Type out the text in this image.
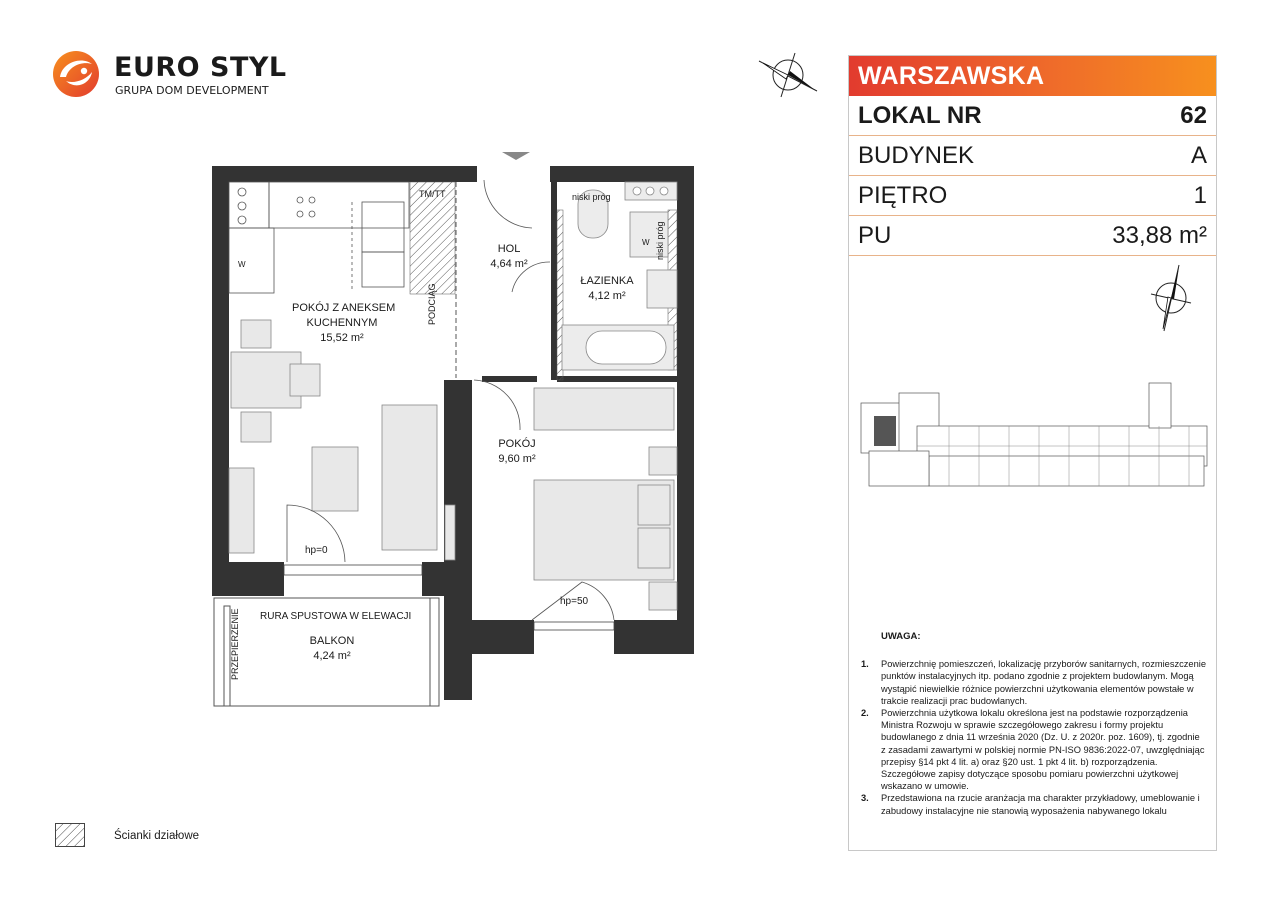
EURO STYL
GRUPA DOM DEVELOPMENT
POKÓJ Z ANEKSEM
KUCHENNYM
15,52 m²
HOL
4,64 m²
ŁAZIENKA
4,12 m²
POKÓJ
9,60 m²
BALKON
4,24 m²
TM/TT
PODCIĄG
niski próg
niski próg
hp=0
hp=50
RURA SPUSTOWA W ELEWACJI
PRZEPIERZENIE
W
W
WARSZAWSKA
LOKAL NR	62
BUDYNEK	A
PIĘTRO	1
PU	33,88 m²
UWAGA:
1.	Powierzchnię pomieszczeń, lokalizację przyborów sanitarnych, rozmieszczenie punktów instalacyjnych itp. podano zgodnie z projektem budowlanym. Mogą wystąpić niewielkie różnice powierzchni użytkowania elementów powstałe w trakcie realizacji prac budowlanych.
2.	Powierzchnia użytkowa lokalu określona jest na podstawie rozporządzenia Ministra Rozwoju w sprawie szczegółowego zakresu i formy projektu budowlanego z dnia 11 września 2020 (Dz. U. z 2020r. poz. 1609), tj. zgodnie z zasadami zawartymi w polskiej normie PN-ISO 9836:2022-07, uwzględniając przepisy §14 pkt 4 lit. a) oraz §20 ust. 1 pkt 4 lit. b) rozporządzenia. Szczegółowe zapisy dotyczące sposobu pomiaru powierzchni użytkowej wskazano w umowie.
3.	Przedstawiona na rzucie aranżacja ma charakter przykładowy, umeblowanie i zabudowy instalacyjne nie stanowią wyposażenia nabywanego lokalu
Ścianki działowe
